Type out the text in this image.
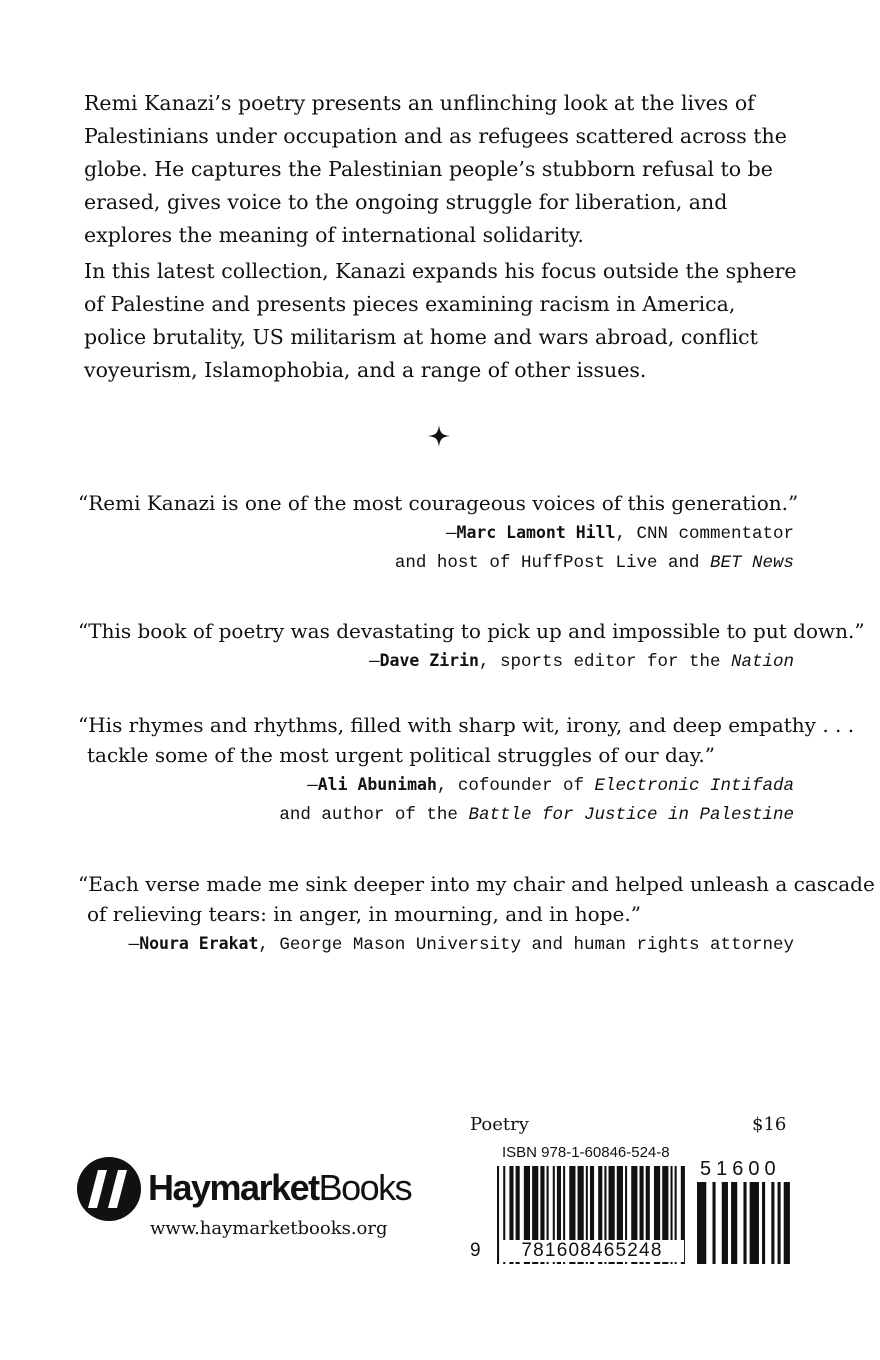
Remi Kanazi’s poetry presents an unflinching look at the lives of Palestinians under occupation and as refugees scattered across the globe. He captures the Palestinian people’s stubborn refusal to be erased, gives voice to the ongoing struggle for liberation, and explores the meaning of international solidarity.

In this latest collection, Kanazi expands his focus outside the sphere of Palestine and presents pieces examining racism in America, police brutality, US militarism at home and wars abroad, conflict voyeurism, Islamophobia, and a range of other issues.

“Remi Kanazi is one of the most courageous voices of this generation.”
—Marc Lamont Hill, CNN commentator
and host of HuffPost Live and BET News
“This book of poetry was devastating to pick up and impossible to put down.”
—Dave Zirin, sports editor for the Nation
“His rhymes and rhythms, filled with sharp wit, irony, and deep empathy . . .
tackle some of the most urgent political struggles of our day.”
—Ali Abunimah, cofounder of Electronic Intifada
and author of the Battle for Justice in Palestine
“Each verse made me sink deeper into my chair and helped unleash a cascade
of relieving tears: in anger, in mourning, and in hope.”
—Noura Erakat, George Mason University and human rights attorney
HaymarketBooks
www.haymarketbooks.org
Poetry	$16
ISBN 978-1-60846-524-8
51600
9	781608465248
